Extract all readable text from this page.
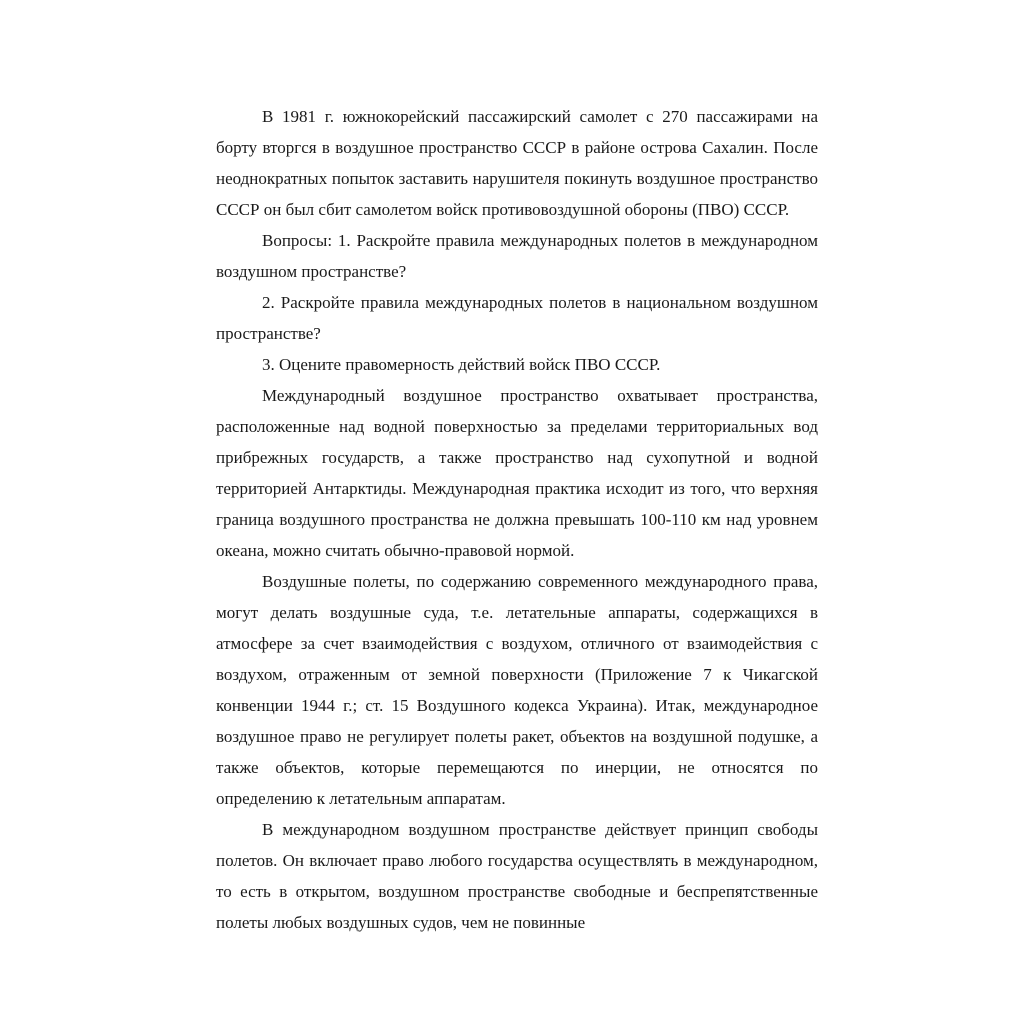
В 1981 г. южнокорейский пассажирский самолет с 270 пассажирами на борту вторгся в воздушное пространство СССР в районе острова Сахалин. После неоднократных попыток заставить нарушителя покинуть воздушное пространство СССР он был сбит самолетом войск противовоздушной обороны (ПВО) СССР.

Вопросы: 1. Раскройте правила международных полетов в международном воздушном пространстве?

2. Раскройте правила международных полетов в национальном воздушном пространстве?

3. Оцените правомерность действий войск ПВО СССР.

Международный воздушное пространство охватывает пространства, расположенные над водной поверхностью за пределами территориальных вод прибрежных государств, а также пространство над сухопутной и водной территорией Антарктиды. Международная практика исходит из того, что верхняя граница воздушного пространства не должна превышать 100-110 км над уровнем океана, можно считать обычно-правовой нормой.

Воздушные полеты, по содержанию современного международного права, могут делать воздушные суда, т.е. летательные аппараты, содержащихся в атмосфере за счет взаимодействия с воздухом, отличного от взаимодействия с воздухом, отраженным от земной поверхности (Приложение 7 к Чикагской конвенции 1944 г.; ст. 15 Воздушного кодекса Украина). Итак, международное воздушное право не регулирует полеты ракет, объектов на воздушной подушке, а также объектов, которые перемещаются по инерции, не относятся по определению к летательным аппаратам.

В международном воздушном пространстве действует принцип свободы полетов. Он включает право любого государства осуществлять в международном, то есть в открытом, воздушном пространстве свободные и беспрепятственные полеты любых воздушных судов, чем не повинные
